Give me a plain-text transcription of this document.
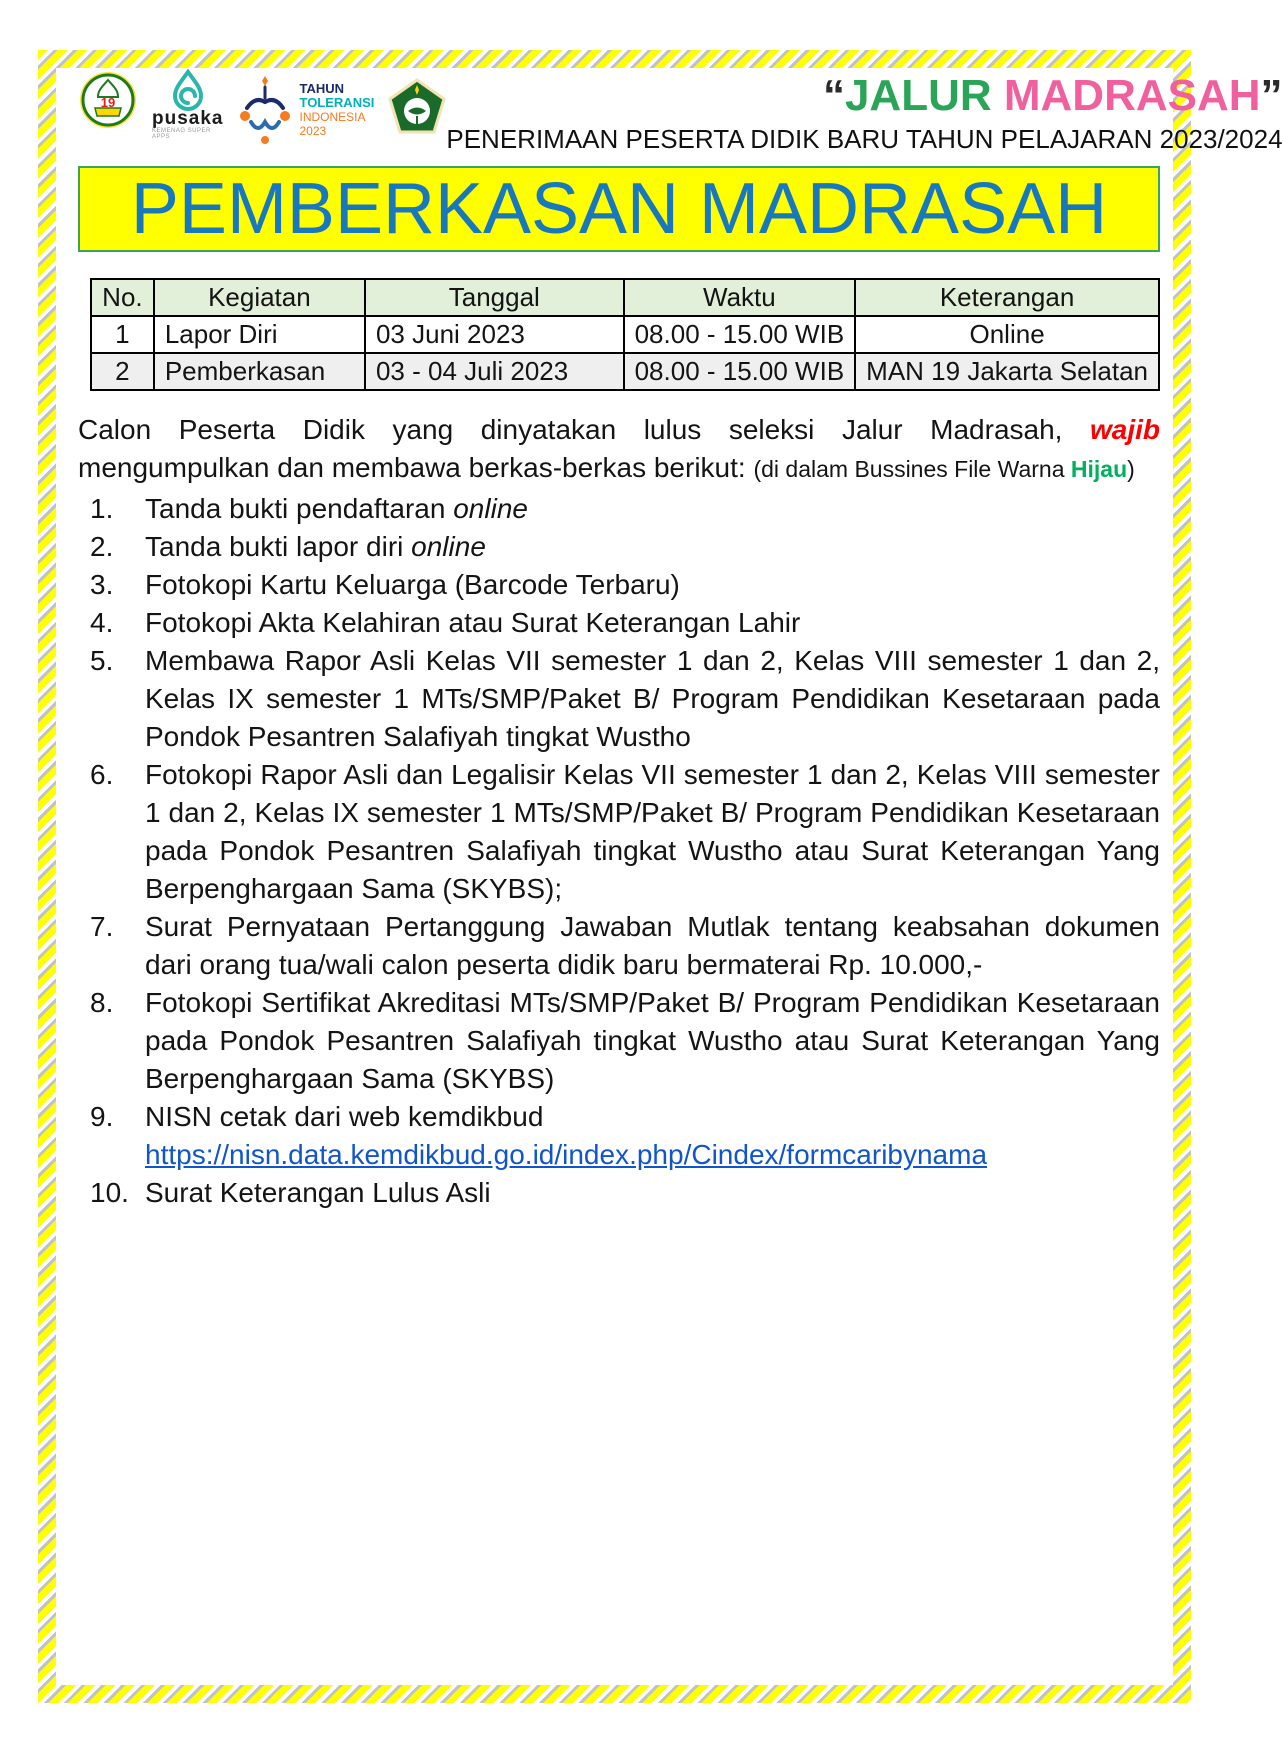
19
pusaka
KEMENAG SUPER APPS
TAHUN
TOLERANSI
INDONESIA
2023
“JALUR MADRASAH”
PENERIMAAN PESERTA DIDIK BARU TAHUN PELAJARAN 2023/2024
PEMBERKASAN MADRASAH
No.	Kegiatan	Tanggal	Waktu	Keterangan
1	Lapor Diri	03 Juni 2023	08.00 - 15.00 WIB	Online
2	Pemberkasan	03 - 04 Juli 2023	08.00 - 15.00 WIB	MAN 19 Jakarta Selatan
Calon Peserta Didik yang dinyatakan lulus seleksi Jalur Madrasah, wajib mengumpulkan dan membawa berkas-berkas berikut: (di dalam Bussines File Warna Hijau)
1.	Tanda bukti pendaftaran online
2.	Tanda bukti lapor diri online
3.	Fotokopi Kartu Keluarga (Barcode Terbaru)
4.	Fotokopi Akta Kelahiran atau Surat Keterangan Lahir
5.	Membawa Rapor Asli Kelas VII semester 1 dan 2, Kelas VIII semester 1 dan 2, Kelas IX semester 1 MTs/SMP/Paket B/ Program Pendidikan Kesetaraan pada Pondok Pesantren Salafiyah tingkat Wustho
6.	Fotokopi Rapor Asli dan Legalisir Kelas VII semester 1 dan 2, Kelas VIII semester 1 dan 2, Kelas IX semester 1 MTs/SMP/Paket B/ Program Pendidikan Kesetaraan pada Pondok Pesantren Salafiyah tingkat Wustho atau Surat Keterangan Yang Berpenghargaan Sama (SKYBS);
7.	Surat Pernyataan Pertanggung Jawaban Mutlak tentang keabsahan dokumen dari orang tua/wali calon peserta didik baru bermaterai Rp. 10.000,-
8.	Fotokopi Sertifikat Akreditasi MTs/SMP/Paket B/ Program Pendidikan Kesetaraan pada Pondok Pesantren Salafiyah tingkat Wustho atau Surat Keterangan Yang Berpenghargaan Sama (SKYBS)
9.	NISN cetak dari web kemdikbud
https://nisn.data.kemdikbud.go.id/index.php/Cindex/formcaribynama
10. Surat Keterangan Lulus Asli
